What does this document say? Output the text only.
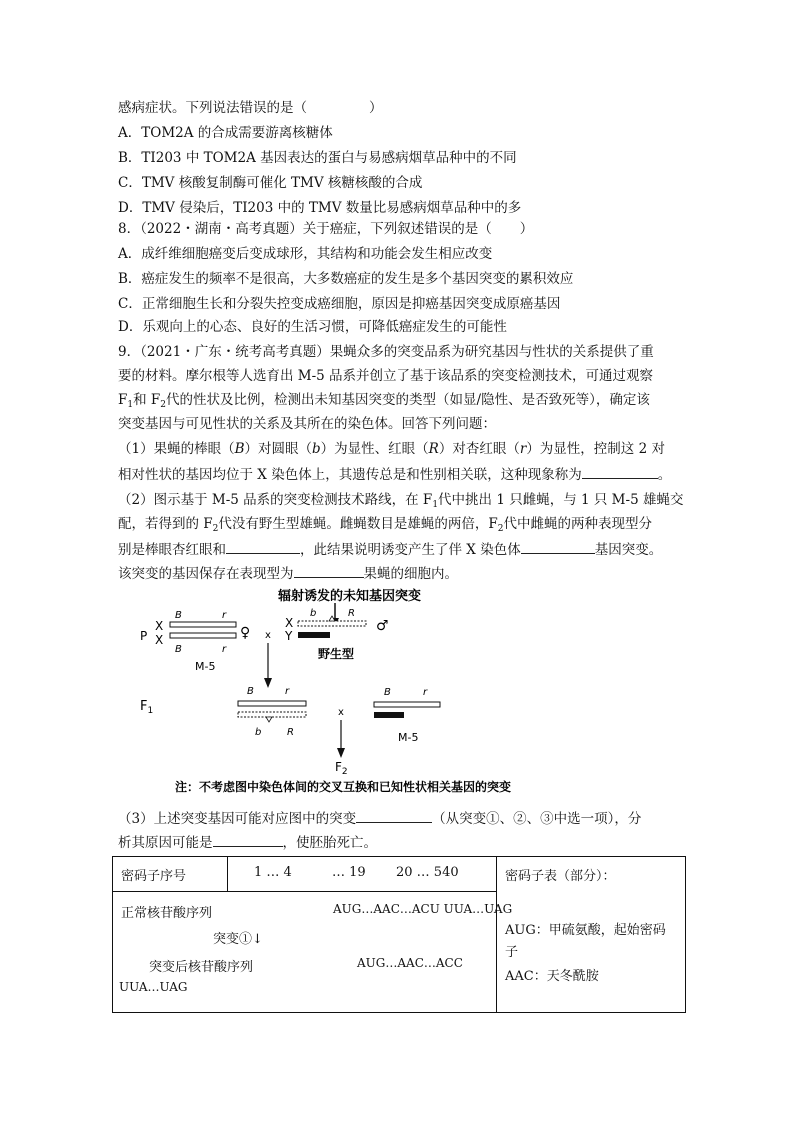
感病症状。下列说法错误的是（	）
A．TOM2A 的合成需要游离核糖体
B．TI203 中 TOM2A 基因表达的蛋白与易感病烟草品种中的不同
C．TMV 核酸复制酶可催化 TMV 核糖核酸的合成
D．TMV 侵染后，TI203 中的 TMV 数量比易感病烟草品种中的多
8．（2022・湖南・高考真题）关于癌症，下列叙述错误的是（ ）
A．成纤维细胞癌变后变成球形，其结构和功能会发生相应改变
B．癌症发生的频率不是很高，大多数癌症的发生是多个基因突变的累积效应
C．正常细胞生长和分裂失控变成癌细胞，原因是抑癌基因突变成原癌基因
D．乐观向上的心态、良好的生活习惯，可降低癌症发生的可能性
9．（2021・广东・统考高考真题）果蝇众多的突变品系为研究基因与性状的关系提供了重
要的材料。摩尔根等人选育出 M-5 品系并创立了基于该品系的突变检测技术，可通过观察
$F_1$和 $F_2$代的性状及比例，检测出未知基因突变的类型（如显/隐性、是否致死等），确定该
突变基因与可见性状的关系及其所在的染色体。回答下列问题：
（1）果蝇的棒眼（B）对圆眼（b）为显性、红眼（R）对杏红眼（r）为显性，控制这 2 对
相对性状的基因均位于 X 染色体上，其遗传总是和性别相关联，这种现象称为	。
（2）图示基于 M-5 品系的突变检测技术路线，在 $F_1$代中挑出 1 只雌蝇，与 1 只 M-5 雄蝇交
配，若得到的 $F_2$代没有野生型雄蝇。雌蝇数目是雄蝇的两倍，$F_2$代中雌蝇的两种表现型分
别是棒眼杏红眼和	，此结果说明诱变产生了伴 X 染色体	基因突变。
该突变的基因保存在表现型为	果蝇的细胞内。
辐射诱发的未知基因突变
P
X
X
B	r
B	r
♀
M-5
x
X
Y
b	R
♂
野生型
$F_1$
B	r
b	R
x
B	r
M-5
$F_2$
注：不考虑图中染色体间的交叉互换和已知性状相关基因的突变
（3）上述突变基因可能对应图中的突变	（从突变①、②、③中选一项），分
析其原因可能是	，使胚胎死亡。
密码子序号	1 … 4	… 19 20 … 540	密码子表（部分）：
AUG：甲硫氨酸，起始密码
子
AAC：天冬酰胺

正常核苷酸序列	AUG…AAC…ACU UUA…UAG
突变①↓
突变后核苷酸序列	AUG…AAC…ACC
UUA…UAG
